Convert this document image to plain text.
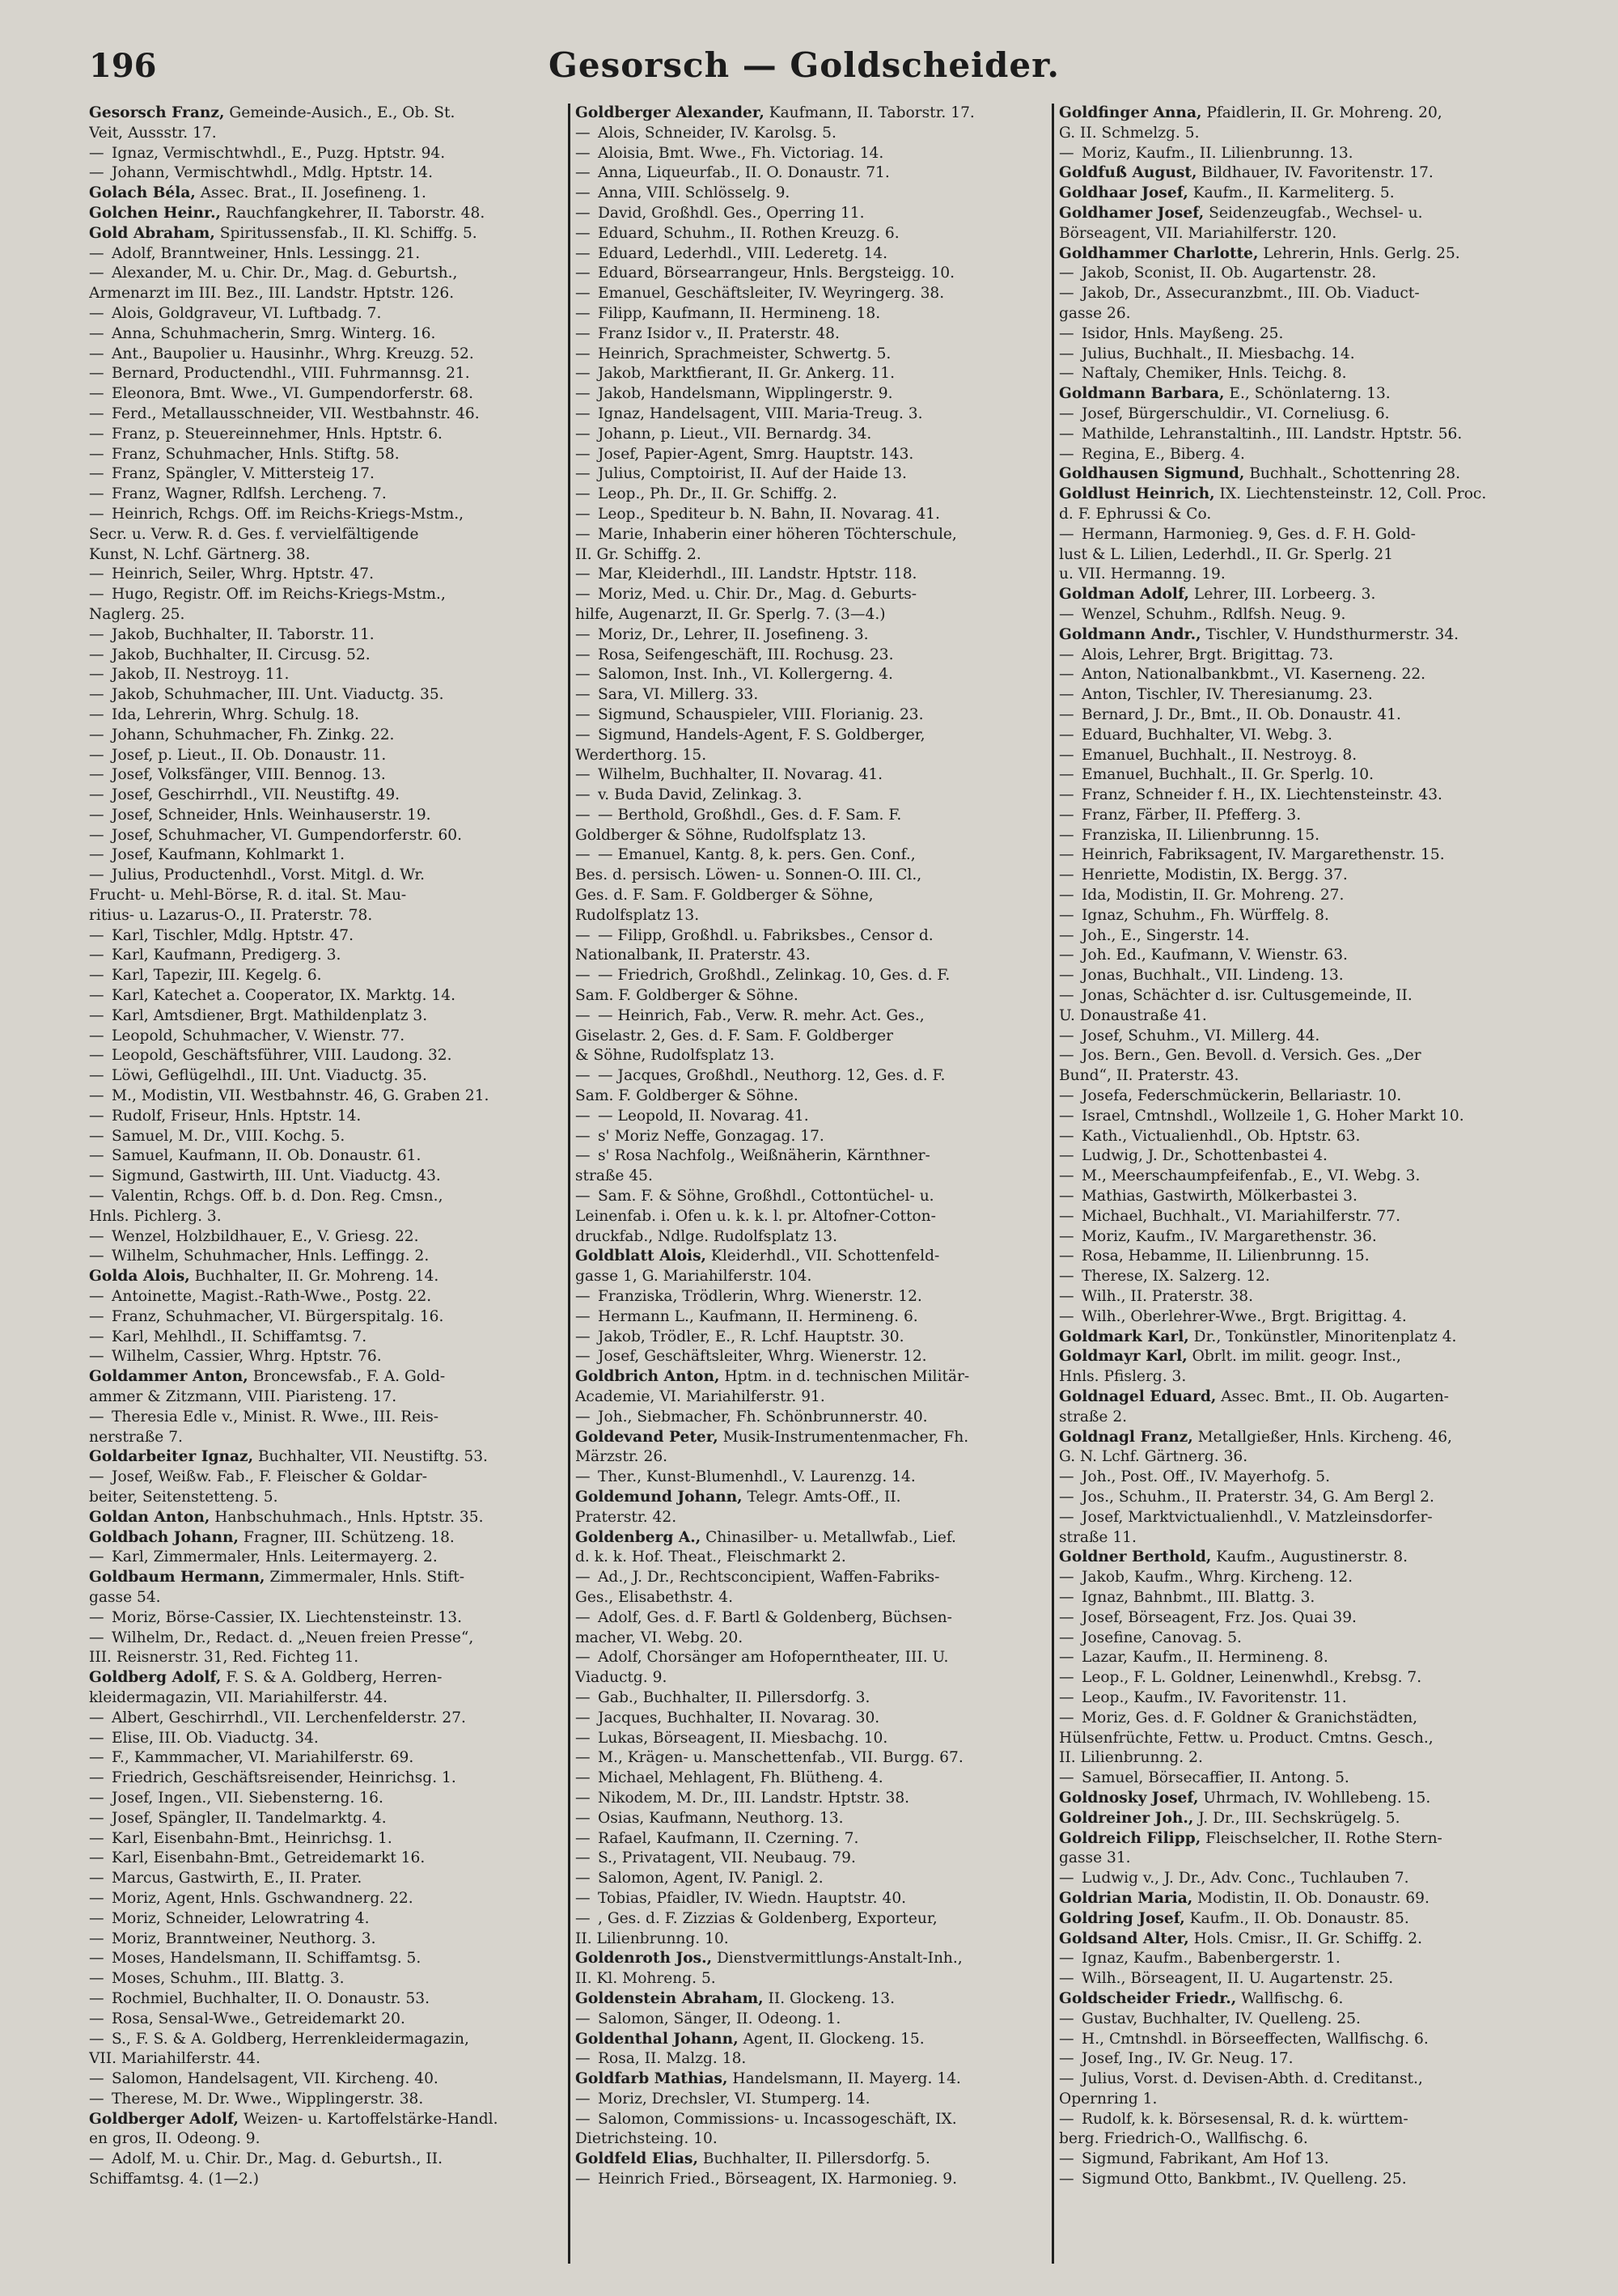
196	Gesorsch — Goldscheider.
Gesorsch Franz, Gemeinde-Ausich., E., Ob. St.
Veit, Aussstr. 17.
— Ignaz, Vermischtwhdl., E., Puzg. Hptstr. 94.
— Johann, Vermischtwhdl., Mdlg. Hptstr. 14.
Golach Béla, Assec. Brat., II. Josefineng. 1.
Golchen Heinr., Rauchfangkehrer, II. Taborstr. 48.
Gold Abraham, Spiritussensfab., II. Kl. Schiffg. 5.
— Adolf, Branntweiner, Hnls. Lessingg. 21.
— Alexander, M. u. Chir. Dr., Mag. d. Geburtsh.,
Armenarzt im III. Bez., III. Landstr. Hptstr. 126.
— Alois, Goldgraveur, VI. Luftbadg. 7.
— Anna, Schuhmacherin, Smrg. Winterg. 16.
— Ant., Baupolier u. Hausinhr., Whrg. Kreuzg. 52.
— Bernard, Productendhl., VIII. Fuhrmannsg. 21.
— Eleonora, Bmt. Wwe., VI. Gumpendorferstr. 68.
— Ferd., Metallausschneider, VII. Westbahnstr. 46.
— Franz, p. Steuereinnehmer, Hnls. Hptstr. 6.
— Franz, Schuhmacher, Hnls. Stiftg. 58.
— Franz, Spängler, V. Mittersteig 17.
— Franz, Wagner, Rdlfsh. Lercheng. 7.
— Heinrich, Rchgs. Off. im Reichs-Kriegs-Mstm.,
Secr. u. Verw. R. d. Ges. f. vervielfältigende
Kunst, N. Lchf. Gärtnerg. 38.
— Heinrich, Seiler, Whrg. Hptstr. 47.
— Hugo, Registr. Off. im Reichs-Kriegs-Mstm.,
Naglerg. 25.
— Jakob, Buchhalter, II. Taborstr. 11.
— Jakob, Buchhalter, II. Circusg. 52.
— Jakob, II. Nestroyg. 11.
— Jakob, Schuhmacher, III. Unt. Viaductg. 35.
— Ida, Lehrerin, Whrg. Schulg. 18.
— Johann, Schuhmacher, Fh. Zinkg. 22.
— Josef, p. Lieut., II. Ob. Donaustr. 11.
— Josef, Volksfänger, VIII. Bennog. 13.
— Josef, Geschirrhdl., VII. Neustiftg. 49.
— Josef, Schneider, Hnls. Weinhauserstr. 19.
— Josef, Schuhmacher, VI. Gumpendorferstr. 60.
— Josef, Kaufmann, Kohlmarkt 1.
— Julius, Productenhdl., Vorst. Mitgl. d. Wr.
Frucht- u. Mehl-Börse, R. d. ital. St. Mau-
ritius- u. Lazarus-O., II. Praterstr. 78.
— Karl, Tischler, Mdlg. Hptstr. 47.
— Karl, Kaufmann, Predigerg. 3.
— Karl, Tapezir, III. Kegelg. 6.
— Karl, Katechet a. Cooperator, IX. Marktg. 14.
— Karl, Amtsdiener, Brgt. Mathildenplatz 3.
— Leopold, Schuhmacher, V. Wienstr. 77.
— Leopold, Geschäftsführer, VIII. Laudong. 32.
— Löwi, Geflügelhdl., III. Unt. Viaductg. 35.
— M., Modistin, VII. Westbahnstr. 46, G. Graben 21.
— Rudolf, Friseur, Hnls. Hptstr. 14.
— Samuel, M. Dr., VIII. Kochg. 5.
— Samuel, Kaufmann, II. Ob. Donaustr. 61.
— Sigmund, Gastwirth, III. Unt. Viaductg. 43.
— Valentin, Rchgs. Off. b. d. Don. Reg. Cmsn.,
Hnls. Pichlerg. 3.
— Wenzel, Holzbildhauer, E., V. Griesg. 22.
— Wilhelm, Schuhmacher, Hnls. Leffingg. 2.
Golda Alois, Buchhalter, II. Gr. Mohreng. 14.
— Antoinette, Magist.-Rath-Wwe., Postg. 22.
— Franz, Schuhmacher, VI. Bürgerspitalg. 16.
— Karl, Mehlhdl., II. Schiffamtsg. 7.
— Wilhelm, Cassier, Whrg. Hptstr. 76.
Goldammer Anton, Broncewsfab., F. A. Gold-
ammer & Zitzmann, VIII. Piaristeng. 17.
— Theresia Edle v., Minist. R. Wwe., III. Reis-
nerstraße 7.
Goldarbeiter Ignaz, Buchhalter, VII. Neustiftg. 53.
— Josef, Weißw. Fab., F. Fleischer & Goldar-
beiter, Seitenstetteng. 5.
Goldan Anton, Hanbschuhmach., Hnls. Hptstr. 35.
Goldbach Johann, Fragner, III. Schützeng. 18.
— Karl, Zimmermaler, Hnls. Leitermayerg. 2.
Goldbaum Hermann, Zimmermaler, Hnls. Stift-
gasse 54.
— Moriz, Börse-Cassier, IX. Liechtensteinstr. 13.
— Wilhelm, Dr., Redact. d. „Neuen freien Presse“,
III. Reisnerstr. 31, Red. Fichteg 11.
Goldberg Adolf, F. S. & A. Goldberg, Herren-
kleidermagazin, VII. Mariahilferstr. 44.
— Albert, Geschirrhdl., VII. Lerchenfelderstr. 27.
— Elise, III. Ob. Viaductg. 34.
— F., Kammmacher, VI. Mariahilferstr. 69.
— Friedrich, Geschäftsreisender, Heinrichsg. 1.
— Josef, Ingen., VII. Siebensterng. 16.
— Josef, Spängler, II. Tandelmarktg. 4.
— Karl, Eisenbahn-Bmt., Heinrichsg. 1.
— Karl, Eisenbahn-Bmt., Getreidemarkt 16.
— Marcus, Gastwirth, E., II. Prater.
— Moriz, Agent, Hnls. Gschwandnerg. 22.
— Moriz, Schneider, Lelowratring 4.
— Moriz, Branntweiner, Neuthorg. 3.
— Moses, Handelsmann, II. Schiffamtsg. 5.
— Moses, Schuhm., III. Blattg. 3.
— Rochmiel, Buchhalter, II. O. Donaustr. 53.
— Rosa, Sensal-Wwe., Getreidemarkt 20.
— S., F. S. & A. Goldberg, Herrenkleidermagazin,
VII. Mariahilferstr. 44.
— Salomon, Handelsagent, VII. Kircheng. 40.
— Therese, M. Dr. Wwe., Wipplingerstr. 38.
Goldberger Adolf, Weizen- u. Kartoffelstärke-Handl.
en gros, II. Odeong. 9.
— Adolf, M. u. Chir. Dr., Mag. d. Geburtsh., II.
Schiffamtsg. 4. (1—2.)
Goldberger Alexander, Kaufmann, II. Taborstr. 17.
— Alois, Schneider, IV. Karolsg. 5.
— Aloisia, Bmt. Wwe., Fh. Victoriag. 14.
— Anna, Liqueurfab., II. O. Donaustr. 71.
— Anna, VIII. Schlösselg. 9.
— David, Großhdl. Ges., Operring 11.
— Eduard, Schuhm., II. Rothen Kreuzg. 6.
— Eduard, Lederhdl., VIII. Lederetg. 14.
— Eduard, Börsearrangeur, Hnls. Bergsteigg. 10.
— Emanuel, Geschäftsleiter, IV. Weyringerg. 38.
— Filipp, Kaufmann, II. Hermineng. 18.
— Franz Isidor v., II. Praterstr. 48.
— Heinrich, Sprachmeister, Schwertg. 5.
— Jakob, Marktfierant, II. Gr. Ankerg. 11.
— Jakob, Handelsmann, Wipplingerstr. 9.
— Ignaz, Handelsagent, VIII. Maria-Treug. 3.
— Johann, p. Lieut., VII. Bernardg. 34.
— Josef, Papier-Agent, Smrg. Hauptstr. 143.
— Julius, Comptoirist, II. Auf der Haide 13.
— Leop., Ph. Dr., II. Gr. Schiffg. 2.
— Leop., Spediteur b. N. Bahn, II. Novarag. 41.
— Marie, Inhaberin einer höheren Töchterschule,
II. Gr. Schiffg. 2.
— Mar, Kleiderhdl., III. Landstr. Hptstr. 118.
— Moriz, Med. u. Chir. Dr., Mag. d. Geburts-
hilfe, Augenarzt, II. Gr. Sperlg. 7. (3—4.)
— Moriz, Dr., Lehrer, II. Josefineng. 3.
— Rosa, Seifengeschäft, III. Rochusg. 23.
— Salomon, Inst. Inh., VI. Kollergerng. 4.
— Sara, VI. Millerg. 33.
— Sigmund, Schauspieler, VIII. Florianig. 23.
— Sigmund, Handels-Agent, F. S. Goldberger,
Werderthorg. 15.
— Wilhelm, Buchhalter, II. Novarag. 41.
— v. Buda David, Zelinkag. 3.
— — Berthold, Großhdl., Ges. d. F. Sam. F.
Goldberger & Söhne, Rudolfsplatz 13.
— — Emanuel, Kantg. 8, k. pers. Gen. Conf.,
Bes. d. persisch. Löwen- u. Sonnen-O. III. Cl.,
Ges. d. F. Sam. F. Goldberger & Söhne,
Rudolfsplatz 13.
— — Filipp, Großhdl. u. Fabriksbes., Censor d.
Nationalbank, II. Praterstr. 43.
— — Friedrich, Großhdl., Zelinkag. 10, Ges. d. F.
Sam. F. Goldberger & Söhne.
— — Heinrich, Fab., Verw. R. mehr. Act. Ges.,
Giselastr. 2, Ges. d. F. Sam. F. Goldberger
& Söhne, Rudolfsplatz 13.
— — Jacques, Großhdl., Neuthorg. 12, Ges. d. F.
Sam. F. Goldberger & Söhne.
— — Leopold, II. Novarag. 41.
— s' Moriz Neffe, Gonzagag. 17.
— s' Rosa Nachfolg., Weißnäherin, Kärnthner-
straße 45.
— Sam. F. & Söhne, Großhdl., Cottontüchel- u.
Leinenfab. i. Ofen u. k. k. l. pr. Altofner-Cotton-
druckfab., Ndlge. Rudolfsplatz 13.
Goldblatt Alois, Kleiderhdl., VII. Schottenfeld-
gasse 1, G. Mariahilferstr. 104.
— Franziska, Trödlerin, Whrg. Wienerstr. 12.
— Hermann L., Kaufmann, II. Hermineng. 6.
— Jakob, Trödler, E., R. Lchf. Hauptstr. 30.
— Josef, Geschäftsleiter, Whrg. Wienerstr. 12.
Goldbrich Anton, Hptm. in d. technischen Militär-
Academie, VI. Mariahilferstr. 91.
— Joh., Siebmacher, Fh. Schönbrunnerstr. 40.
Goldevand Peter, Musik-Instrumentenmacher, Fh.
Märzstr. 26.
— Ther., Kunst-Blumenhdl., V. Laurenzg. 14.
Goldemund Johann, Telegr. Amts-Off., II.
Praterstr. 42.
Goldenberg A., Chinasilber- u. Metallwfab., Lief.
d. k. k. Hof. Theat., Fleischmarkt 2.
— Ad., J. Dr., Rechtsconcipient, Waffen-Fabriks-
Ges., Elisabethstr. 4.
— Adolf, Ges. d. F. Bartl & Goldenberg, Büchsen-
macher, VI. Webg. 20.
— Adolf, Chorsänger am Hofoperntheater, III. U.
Viaductg. 9.
— Gab., Buchhalter, II. Pillersdorfg. 3.
— Jacques, Buchhalter, II. Novarag. 30.
— Lukas, Börseagent, II. Miesbachg. 10.
— M., Krägen- u. Manschettenfab., VII. Burgg. 67.
— Michael, Mehlagent, Fh. Blütheng. 4.
— Nikodem, M. Dr., III. Landstr. Hptstr. 38.
— Osias, Kaufmann, Neuthorg. 13.
— Rafael, Kaufmann, II. Czerning. 7.
— S., Privatagent, VII. Neubaug. 79.
— Salomon, Agent, IV. Panigl. 2.
— Tobias, Pfaidler, IV. Wiedn. Hauptstr. 40.
— , Ges. d. F. Zizzias & Goldenberg, Exporteur,
II. Lilienbrunng. 10.
Goldenroth Jos., Dienstvermittlungs-Anstalt-Inh.,
II. Kl. Mohreng. 5.
Goldenstein Abraham, II. Glockeng. 13.
— Salomon, Sänger, II. Odeong. 1.
Goldenthal Johann, Agent, II. Glockeng. 15.
— Rosa, II. Malzg. 18.
Goldfarb Mathias, Handelsmann, II. Mayerg. 14.
— Moriz, Drechsler, VI. Stumperg. 14.
— Salomon, Commissions- u. Incassogeschäft, IX.
Dietrichsteing. 10.
Goldfeld Elias, Buchhalter, II. Pillersdorfg. 5.
— Heinrich Fried., Börseagent, IX. Harmonieg. 9.
Goldfinger Anna, Pfaidlerin, II. Gr. Mohreng. 20,
G. II. Schmelzg. 5.
— Moriz, Kaufm., II. Lilienbrunng. 13.
Goldfuß August, Bildhauer, IV. Favoritenstr. 17.
Goldhaar Josef, Kaufm., II. Karmeliterg. 5.
Goldhamer Josef, Seidenzeugfab., Wechsel- u.
Börseagent, VII. Mariahilferstr. 120.
Goldhammer Charlotte, Lehrerin, Hnls. Gerlg. 25.
— Jakob, Sconist, II. Ob. Augartenstr. 28.
— Jakob, Dr., Assecuranzbmt., III. Ob. Viaduct-
gasse 26.
— Isidor, Hnls. Mayßeng. 25.
— Julius, Buchhalt., II. Miesbachg. 14.
— Naftaly, Chemiker, Hnls. Teichg. 8.
Goldmann Barbara, E., Schönlaterng. 13.
— Josef, Bürgerschuldir., VI. Corneliusg. 6.
— Mathilde, Lehranstaltinh., III. Landstr. Hptstr. 56.
— Regina, E., Biberg. 4.
Goldhausen Sigmund, Buchhalt., Schottenring 28.
Goldlust Heinrich, IX. Liechtensteinstr. 12, Coll. Proc.
d. F. Ephrussi & Co.
— Hermann, Harmonieg. 9, Ges. d. F. H. Gold-
lust & L. Lilien, Lederhdl., II. Gr. Sperlg. 21
u. VII. Hermanng. 19.
Goldman Adolf, Lehrer, III. Lorbeerg. 3.
— Wenzel, Schuhm., Rdlfsh. Neug. 9.
Goldmann Andr., Tischler, V. Hundsthurmerstr. 34.
— Alois, Lehrer, Brgt. Brigittag. 73.
— Anton, Nationalbankbmt., VI. Kaserneng. 22.
— Anton, Tischler, IV. Theresianumg. 23.
— Bernard, J. Dr., Bmt., II. Ob. Donaustr. 41.
— Eduard, Buchhalter, VI. Webg. 3.
— Emanuel, Buchhalt., II. Nestroyg. 8.
— Emanuel, Buchhalt., II. Gr. Sperlg. 10.
— Franz, Schneider f. H., IX. Liechtensteinstr. 43.
— Franz, Färber, II. Pfefferg. 3.
— Franziska, II. Lilienbrunng. 15.
— Heinrich, Fabriksagent, IV. Margarethenstr. 15.
— Henriette, Modistin, IX. Bergg. 37.
— Ida, Modistin, II. Gr. Mohreng. 27.
— Ignaz, Schuhm., Fh. Würffelg. 8.
— Joh., E., Singerstr. 14.
— Joh. Ed., Kaufmann, V. Wienstr. 63.
— Jonas, Buchhalt., VII. Lindeng. 13.
— Jonas, Schächter d. isr. Cultusgemeinde, II.
U. Donaustraße 41.
— Josef, Schuhm., VI. Millerg. 44.
— Jos. Bern., Gen. Bevoll. d. Versich. Ges. „Der
Bund“, II. Praterstr. 43.
— Josefa, Federschmückerin, Bellariastr. 10.
— Israel, Cmtnshdl., Wollzeile 1, G. Hoher Markt 10.
— Kath., Victualienhdl., Ob. Hptstr. 63.
— Ludwig, J. Dr., Schottenbastei 4.
— M., Meerschaumpfeifenfab., E., VI. Webg. 3.
— Mathias, Gastwirth, Mölkerbastei 3.
— Michael, Buchhalt., VI. Mariahilferstr. 77.
— Moriz, Kaufm., IV. Margarethenstr. 36.
— Rosa, Hebamme, II. Lilienbrunng. 15.
— Therese, IX. Salzerg. 12.
— Wilh., II. Praterstr. 38.
— Wilh., Oberlehrer-Wwe., Brgt. Brigittag. 4.
Goldmark Karl, Dr., Tonkünstler, Minoritenplatz 4.
Goldmayr Karl, Obrlt. im milit. geogr. Inst.,
Hnls. Pfislerg. 3.
Goldnagel Eduard, Assec. Bmt., II. Ob. Augarten-
straße 2.
Goldnagl Franz, Metallgießer, Hnls. Kircheng. 46,
G. N. Lchf. Gärtnerg. 36.
— Joh., Post. Off., IV. Mayerhofg. 5.
— Jos., Schuhm., II. Praterstr. 34, G. Am Bergl 2.
— Josef, Marktvictualienhdl., V. Matzleinsdorfer-
straße 11.
Goldner Berthold, Kaufm., Augustinerstr. 8.
— Jakob, Kaufm., Whrg. Kircheng. 12.
— Ignaz, Bahnbmt., III. Blattg. 3.
— Josef, Börseagent, Frz. Jos. Quai 39.
— Josefine, Canovag. 5.
— Lazar, Kaufm., II. Hermineng. 8.
— Leop., F. L. Goldner, Leinenwhdl., Krebsg. 7.
— Leop., Kaufm., IV. Favoritenstr. 11.
— Moriz, Ges. d. F. Goldner & Granichstädten,
Hülsenfrüchte, Fettw. u. Product. Cmtns. Gesch.,
II. Lilienbrunng. 2.
— Samuel, Börsecaffier, II. Antong. 5.
Goldnosky Josef, Uhrmach, IV. Wohllebeng. 15.
Goldreiner Joh., J. Dr., III. Sechskrügelg. 5.
Goldreich Filipp, Fleischselcher, II. Rothe Stern-
gasse 31.
— Ludwig v., J. Dr., Adv. Conc., Tuchlauben 7.
Goldrian Maria, Modistin, II. Ob. Donaustr. 69.
Goldring Josef, Kaufm., II. Ob. Donaustr. 85.
Goldsand Alter, Hols. Cmisr., II. Gr. Schiffg. 2.
— Ignaz, Kaufm., Babenbergerstr. 1.
— Wilh., Börseagent, II. U. Augartenstr. 25.
Goldscheider Friedr., Wallfischg. 6.
— Gustav, Buchhalter, IV. Quelleng. 25.
— H., Cmtnshdl. in Börseeffecten, Wallfischg. 6.
— Josef, Ing., IV. Gr. Neug. 17.
— Julius, Vorst. d. Devisen-Abth. d. Creditanst.,
Opernring 1.
— Rudolf, k. k. Börsesensal, R. d. k. württem-
berg. Friedrich-O., Wallfischg. 6.
— Sigmund, Fabrikant, Am Hof 13.
— Sigmund Otto, Bankbmt., IV. Quelleng. 25.
